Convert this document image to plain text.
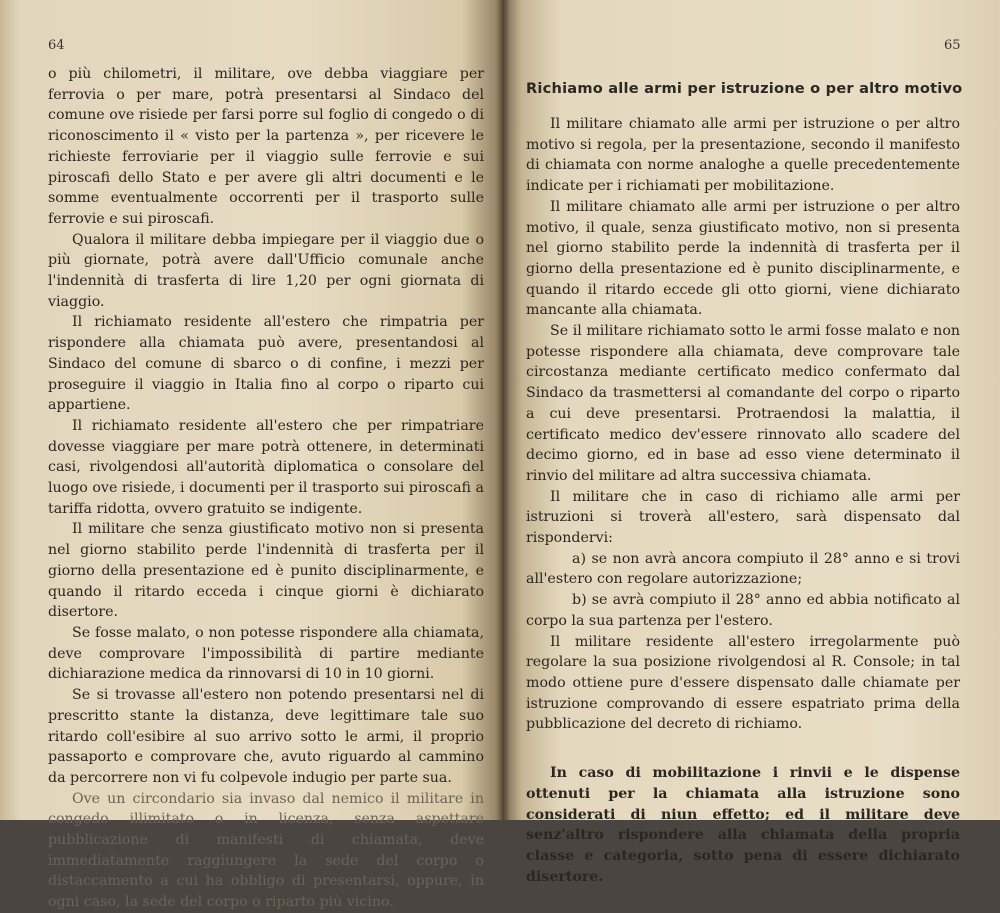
64

o più chilometri, il militare, ove debba viaggiare per ferrovia o per mare, potrà presentarsi al Sindaco del comune ove risiede per farsi porre sul foglio di congedo o di riconoscimento il « visto per la partenza », per ricevere le richieste ferroviarie per il viaggio sulle ferrovie e sui piroscafi dello Stato e per avere gli altri documenti e le somme eventualmente occorrenti per il trasporto sulle ferrovie e sui piroscafi.

Qualora il militare debba impiegare per il viaggio due o più giornate, potrà avere dall'Ufficio comunale anche l'indennità di trasferta di lire 1,20 per ogni giornata di viaggio.

Il richiamato residente all'estero che rimpatria per rispondere alla chiamata può avere, presentandosi al Sindaco del comune di sbarco o di confine, i mezzi per proseguire il viaggio in Italia fino al corpo o riparto cui appartiene.

Il richiamato residente all'estero che per rimpatriare dovesse viaggiare per mare potrà ottenere, in determinati casi, rivolgendosi all'autorità diplomatica o consolare del luogo ove risiede, i documenti per il trasporto sui piroscafi a tariffa ridotta, ovvero gratuito se indigente.

Il militare che senza giustificato motivo non si presenta nel giorno stabilito perde l'indennità di trasferta per il giorno della presentazione ed è punito disciplinarmente, e quando il ritardo ecceda i cinque giorni è dichiarato disertore.

Se fosse malato, o non potesse rispondere alla chiamata, deve comprovare l'impossibilità di partire mediante dichiarazione medica da rinnovarsi di 10 in 10 giorni.

Se si trovasse all'estero non potendo presentarsi nel di prescritto stante la distanza, deve legittimare tale suo ritardo coll'esibire al suo arrivo sotto le armi, il proprio passaporto e comprovare che, avuto riguardo al cammino da percorrere non vi fu colpevole indugio per parte sua.

Ove un circondario sia invaso dal nemico il militare in congedo illimitato o in licenza, senza aspettare pubblicazione di manifesti di chiamata, deve immediatamente raggiungere la sede del corpo o distaccamento a cui ha obbligo di presentarsi, oppure, in ogni caso, la sede del corpo o riparto più vicino.

65
Richiamo alle armi per istruzione o per altro motivo

Il militare chiamato alle armi per istruzione o per altro motivo si regola, per la presentazione, secondo il manifesto di chiamata con norme analoghe a quelle precedentemente indicate per i richiamati per mobilitazione.

Il militare chiamato alle armi per istruzione o per altro motivo, il quale, senza giustificato motivo, non si presenta nel giorno stabilito perde la indennità di trasferta per il giorno della presentazione ed è punito disciplinarmente, e quando il ritardo eccede gli otto giorni, viene dichiarato mancante alla chiamata.

Se il militare richiamato sotto le armi fosse malato e non potesse rispondere alla chiamata, deve comprovare tale circostanza mediante certificato medico confermato dal Sindaco da trasmettersi al comandante del corpo o riparto a cui deve presentarsi. Protraendosi la malattia, il certificato medico dev'essere rinnovato allo scadere del decimo giorno, ed in base ad esso viene determinato il rinvio del militare ad altra successiva chiamata.

Il militare che in caso di richiamo alle armi per istruzioni si troverà all'estero, sarà dispensato dal rispondervi:

a) se non avrà ancora compiuto il 28° anno e si trovi all'estero con regolare autorizzazione;

b) se avrà compiuto il 28° anno ed abbia notificato al corpo la sua partenza per l'estero.

Il militare residente all'estero irregolarmente può regolare la sua posizione rivolgendosi al R. Console; in tal modo ottiene pure d'essere dispensato dalle chiamate per istruzione comprovando di essere espatriato prima della pubblicazione del decreto di richiamo.

In caso di mobilitazione i rinvii e le dispense ottenuti per la chiamata alla istruzione sono considerati di niun effetto; ed il militare deve senz'altro rispondere alla chiamata della propria classe e categoria, sotto pena di essere dichiarato disertore.
